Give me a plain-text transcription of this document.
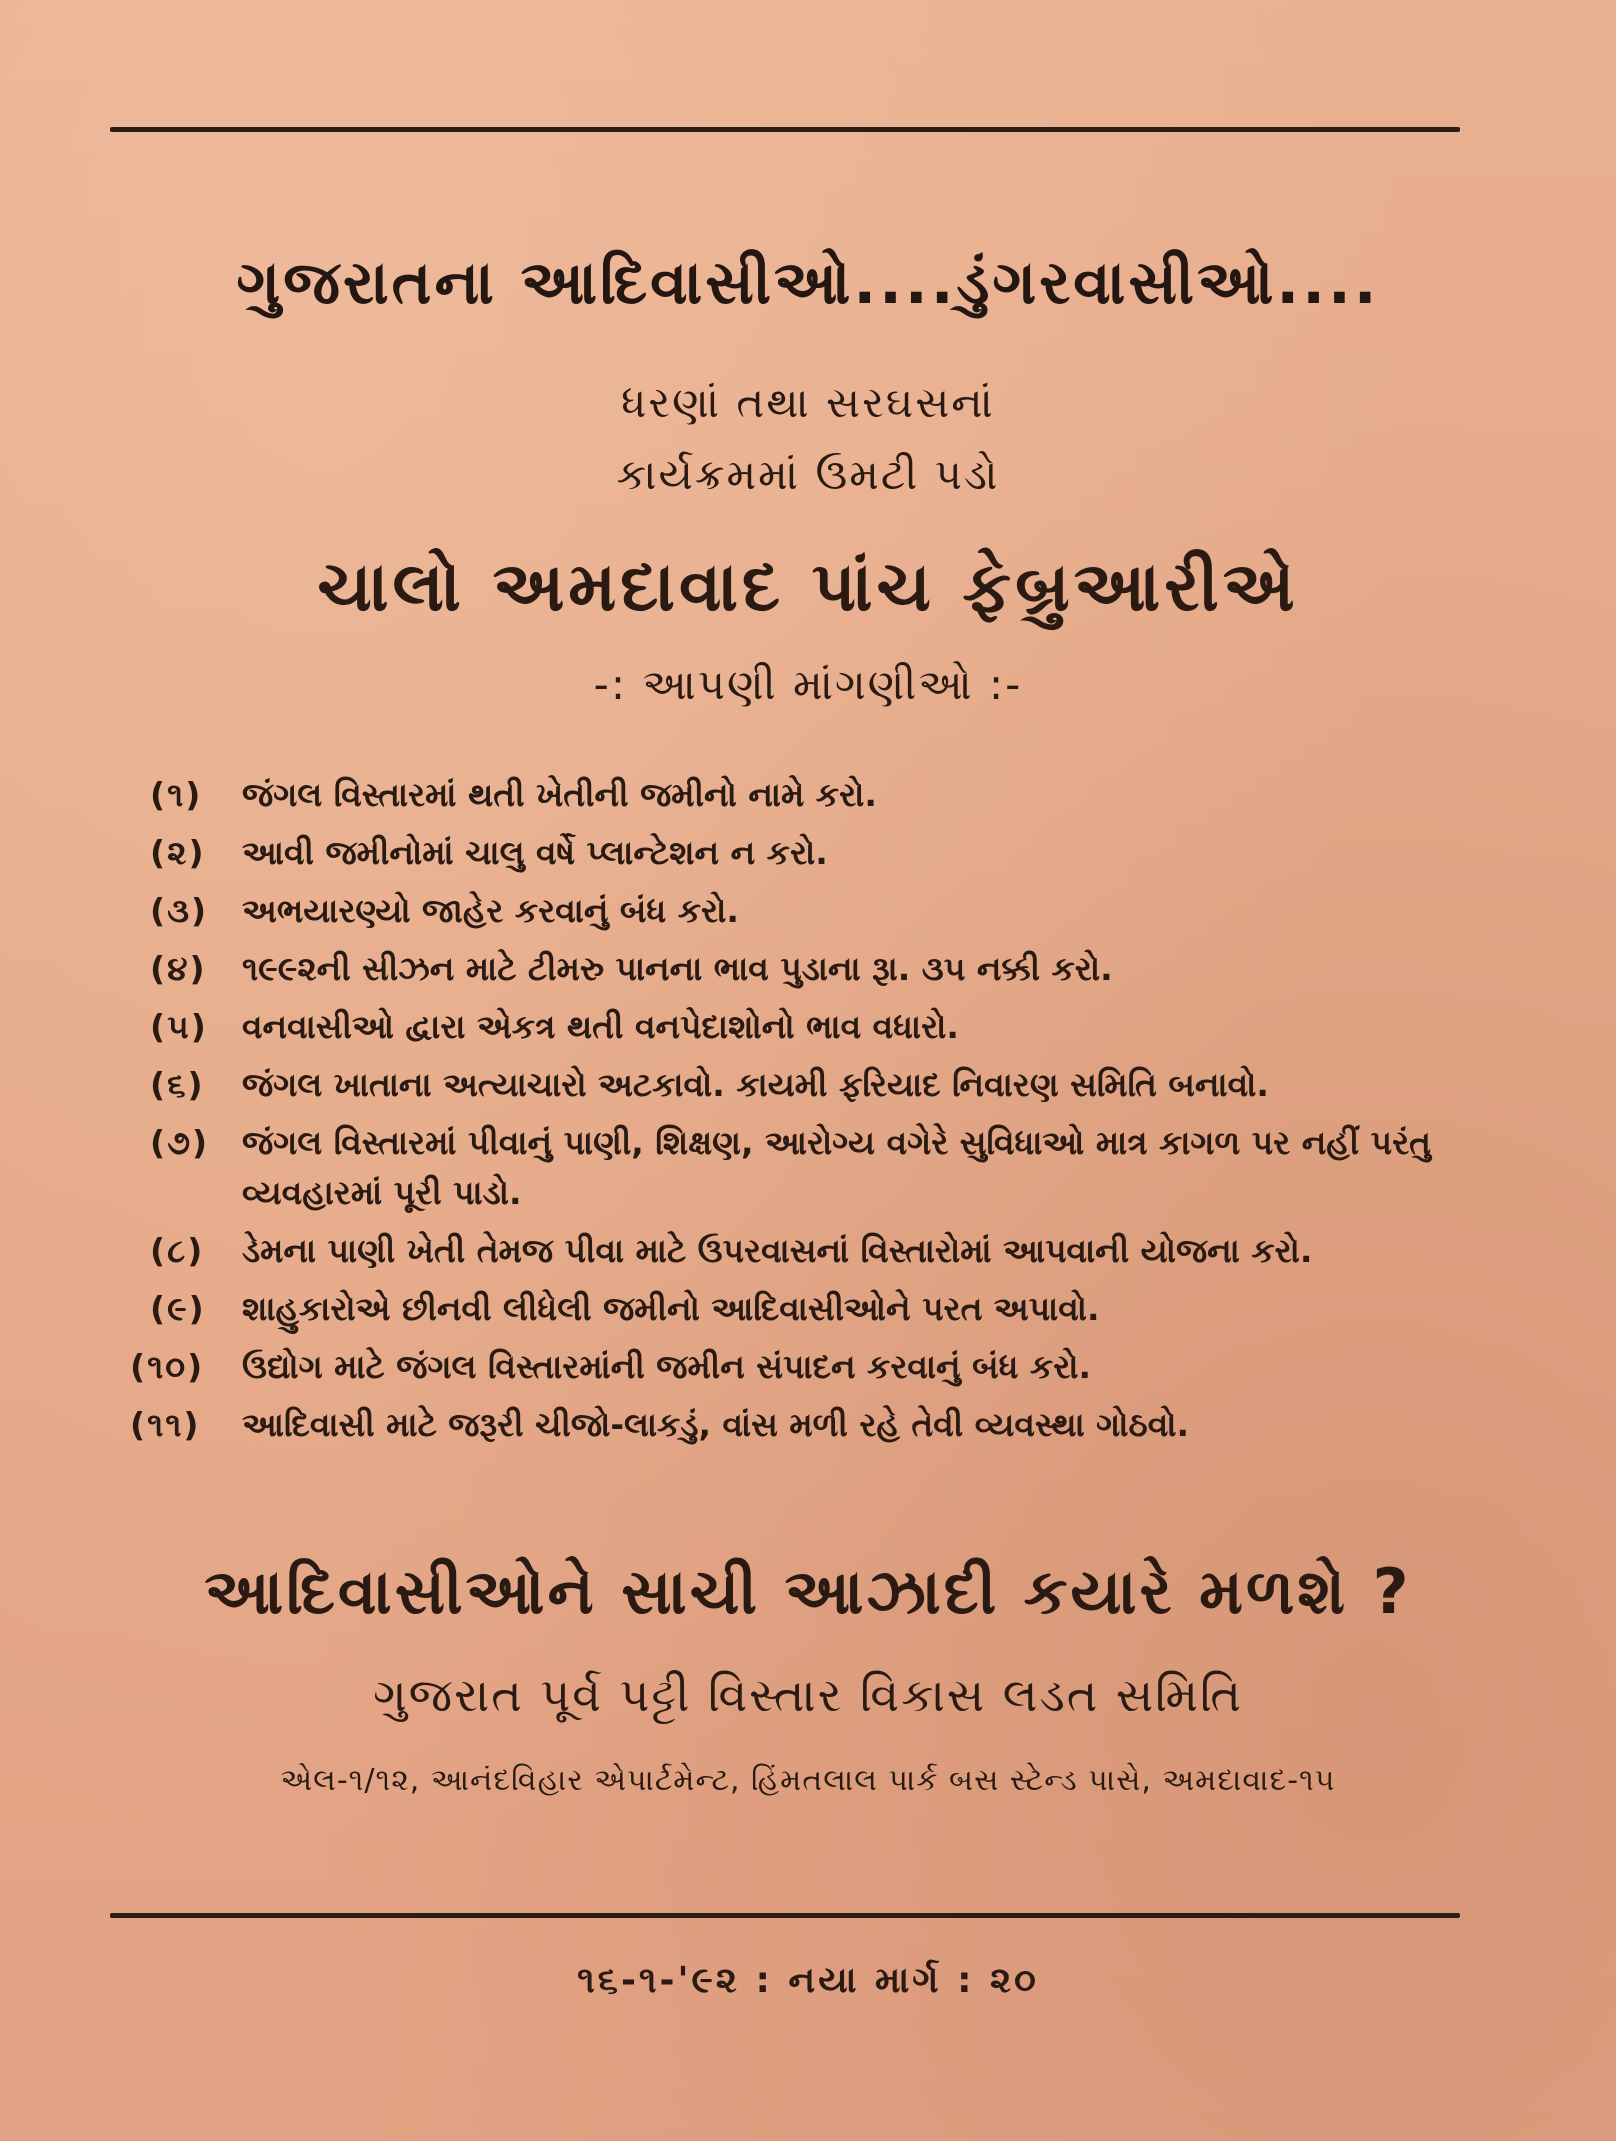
ગુજરાતના આદિવાસીઓ....ડુંગરવાસીઓ....
ધરણાં તથા સરઘસનાં
કાર્યક્રમમાં ઉમટી પડો
ચાલો અમદાવાદ પાંચ ફેબ્રુઆરીએ
-: આપણી માંગણીઓ :-
(૧)	જંગલ વિસ્તારમાં થતી ખેતીની જમીનો નામે કરો.
(૨)	આવી જમીનોમાં ચાલુ વર્ષે પ્લાન્ટેશન ન કરો.
(૩)	અભયારણ્યો જાહેર કરવાનું બંધ કરો.
(૪)	૧૯૯૨ની સીઝન માટે ટીમરુ પાનના ભાવ પુડાના રૂા. ૩૫ નક્કી કરો.
(૫)	વનવાસીઓ દ્વારા એકત્ર થતી વનપેદાશોનો ભાવ વધારો.
(૬)	જંગલ ખાતાના અત્યાચારો અટકાવો. કાયમી ફરિયાદ નિવારણ સમિતિ બનાવો.
(૭) જંગલ વિસ્તારમાં પીવાનું પાણી, શિક્ષણ, આરોગ્ય વગેરે સુવિધાઓ માત્ર કાગળ પર નહીં પરંતુ વ્યવહારમાં પૂરી પાડો.
(૮)	ડેમના પાણી ખેતી તેમજ પીવા માટે ઉપરવાસનાં વિસ્તારોમાં આપવાની યોજના કરો.
(૯)	શાહુકારોએ છીનવી લીધેલી જમીનો આદિવાસીઓને પરત અપાવો.
(૧૦)	ઉદ્યોગ માટે જંગલ વિસ્તારમાંની જમીન સંપાદન કરવાનું બંધ કરો.
(૧૧)	આદિવાસી માટે જરૂરી ચીજો-લાકડું, વાંસ મળી રહે તેવી વ્યવસ્થા ગોઠવો.
આદિવાસીઓને સાચી આઝાદી કયારે મળશે ?
ગુજરાત પૂર્વ પટ્ટી વિસ્તાર વિકાસ લડત સમિતિ
એલ-૧/૧૨, આનંદવિહાર એપાર્ટમેન્ટ, હિંમતલાલ પાર્ક બસ સ્ટેન્ડ પાસે, અમદાવાદ-૧૫
૧૬-૧-'૯૨ : નયા માર્ગ : ૨૦
